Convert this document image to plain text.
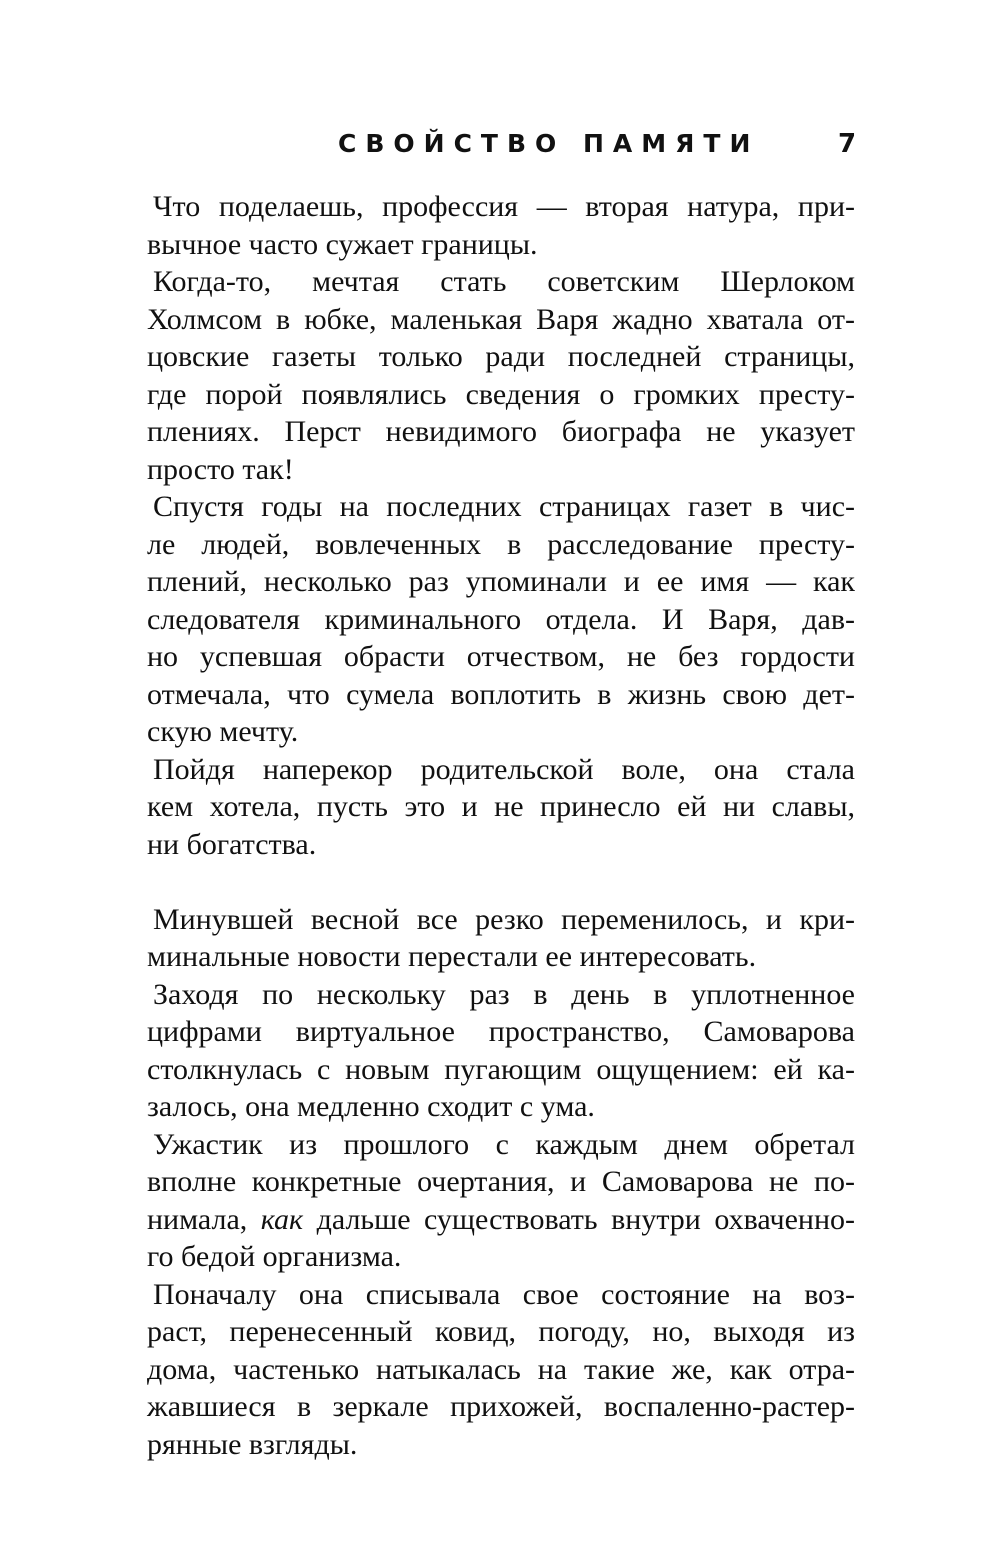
СВОЙСТВО ПАМЯТИ	7
Что поделаешь, профессия — вторая натура, при-
вычное часто сужает границы.
Когда-то, мечтая стать советским Шерлоком
Холмсом в юбке, маленькая Варя жадно хватала от-
цовские газеты только ради последней страницы,
где порой появлялись сведения о громких престу-
плениях. Перст невидимого биографа не указует
просто так!
Спустя годы на последних страницах газет в чис-
ле людей, вовлеченных в расследование престу-
плений, несколько раз упоминали и ее имя — как
следователя криминального отдела. И Варя, дав-
но успевшая обрасти отчеством, не без гордости
отмечала, что сумела воплотить в жизнь свою дет-
скую мечту.
Пойдя наперекор родительской воле, она стала
кем хотела, пусть это и не принесло ей ни славы,
ни богатства.
Минувшей весной все резко переменилось, и кри-
минальные новости перестали ее интересовать.
Заходя по нескольку раз в день в уплотненное
цифрами виртуальное пространство, Самоварова
столкнулась с новым пугающим ощущением: ей ка-
залось, она медленно сходит с ума.
Ужастик из прошлого с каждым днем обретал
вполне конкретные очертания, и Самоварова не по-
нимала, как дальше существовать внутри охваченно-
го бедой организма.
Поначалу она списывала свое состояние на воз-
раст, перенесенный ковид, погоду, но, выходя из
дома, частенько натыкалась на такие же, как отра-
жавшиеся в зеркале прихожей, воспаленно-растер-
рянные взгляды.
